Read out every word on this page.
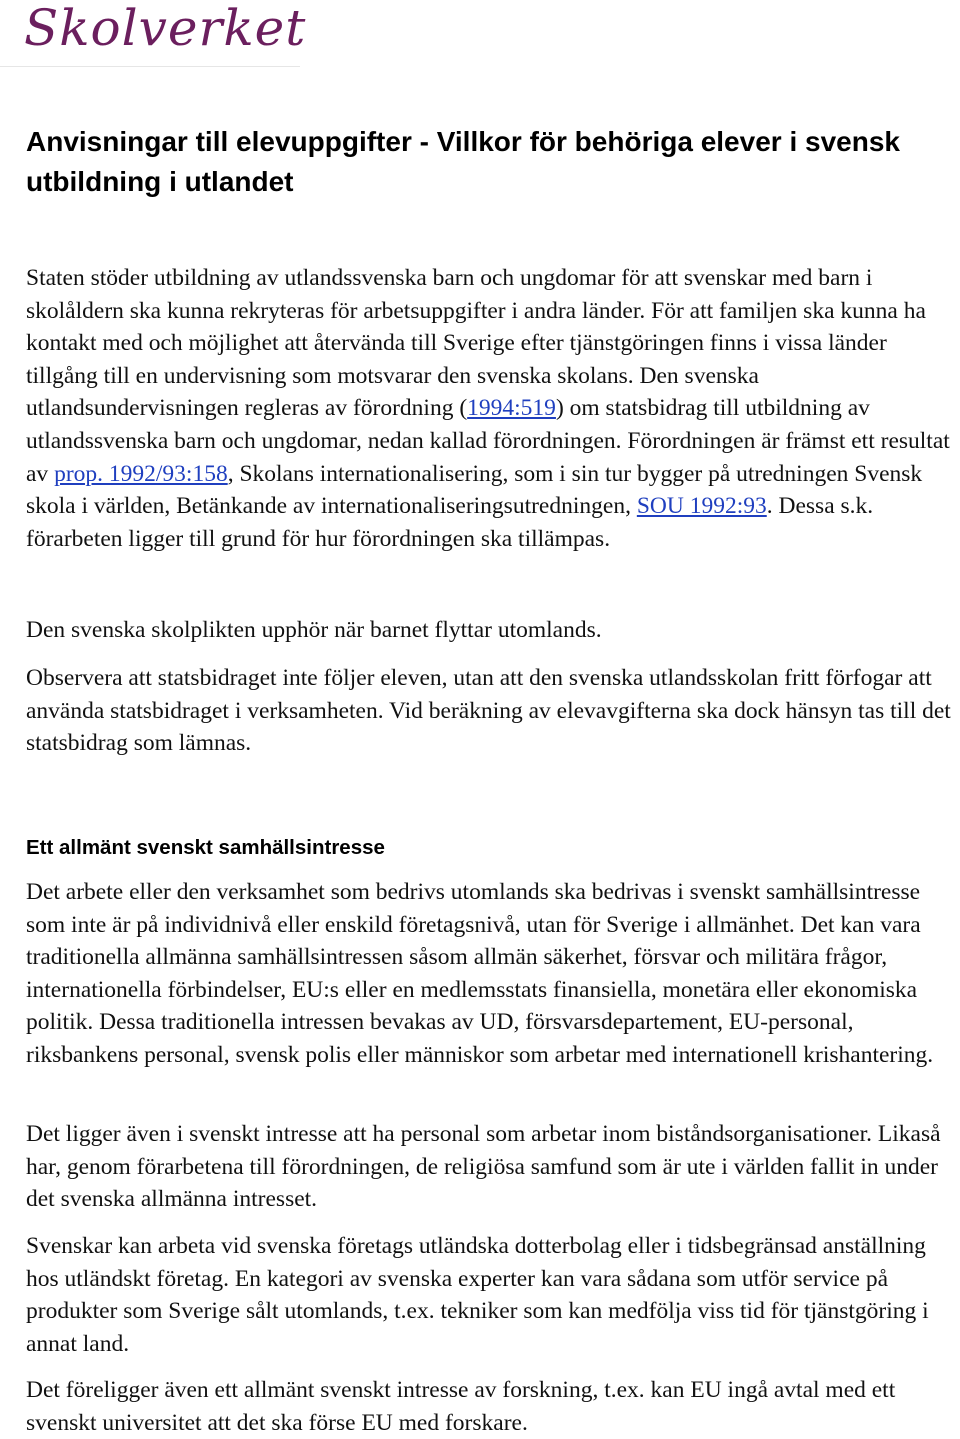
Skolverket
Anvisningar till elevuppgifter - Villkor för behöriga elever i svensk utbildning i utlandet

Staten stöder utbildning av utlandssvenska barn och ungdomar för att svenskar med barn i skolåldern ska kunna rekryteras för arbetsuppgifter i andra länder. För att familjen ska kunna ha kontakt med och möjlighet att återvända till Sverige efter tjänstgöringen finns i vissa länder tillgång till en undervisning som motsvarar den svenska skolans. Den svenska utlandsundervisningen regleras av förordning (1994:519) om statsbidrag till utbildning av utlandssvenska barn och ungdomar, nedan kallad förordningen. Förordningen är främst ett resultat av prop. 1992/93:158, Skolans internationalisering, som i sin tur bygger på utredningen Svensk skola i världen, Betänkande av internationaliseringsutredningen, SOU 1992:93. Dessa s.k. förarbeten ligger till grund för hur förordningen ska tillämpas.

Den svenska skolplikten upphör när barnet flyttar utomlands.

Observera att statsbidraget inte följer eleven, utan att den svenska utlandsskolan fritt förfogar att använda statsbidraget i verksamheten. Vid beräkning av elevavgifterna ska dock hänsyn tas till det statsbidrag som lämnas.

Ett allmänt svenskt samhällsintresse

Det arbete eller den verksamhet som bedrivs utomlands ska bedrivas i svenskt samhällsintresse som inte är på individnivå eller enskild företagsnivå, utan för Sverige i allmänhet. Det kan vara traditionella allmänna samhällsintressen såsom allmän säkerhet, försvar och militära frågor, internationella förbindelser, EU:s eller en medlemsstats finansiella, monetära eller ekonomiska politik. Dessa traditionella intressen bevakas av UD, försvarsdepartement, EU-personal, riksbankens personal, svensk polis eller människor som arbetar med internationell krishantering.

Det ligger även i svenskt intresse att ha personal som arbetar inom biståndsorganisationer. Likaså har, genom förarbetena till förordningen, de religiösa samfund som är ute i världen fallit in under det svenska allmänna intresset.

Svenskar kan arbeta vid svenska företags utländska dotterbolag eller i tidsbegränsad anställning hos utländskt företag. En kategori av svenska experter kan vara sådana som utför service på produkter som Sverige sålt utomlands, t.ex. tekniker som kan medfölja viss tid för tjänstgöring i annat land.

Det föreligger även ett allmänt svenskt intresse av forskning, t.ex. kan EU ingå avtal med ett svenskt universitet att det ska förse EU med forskare.
